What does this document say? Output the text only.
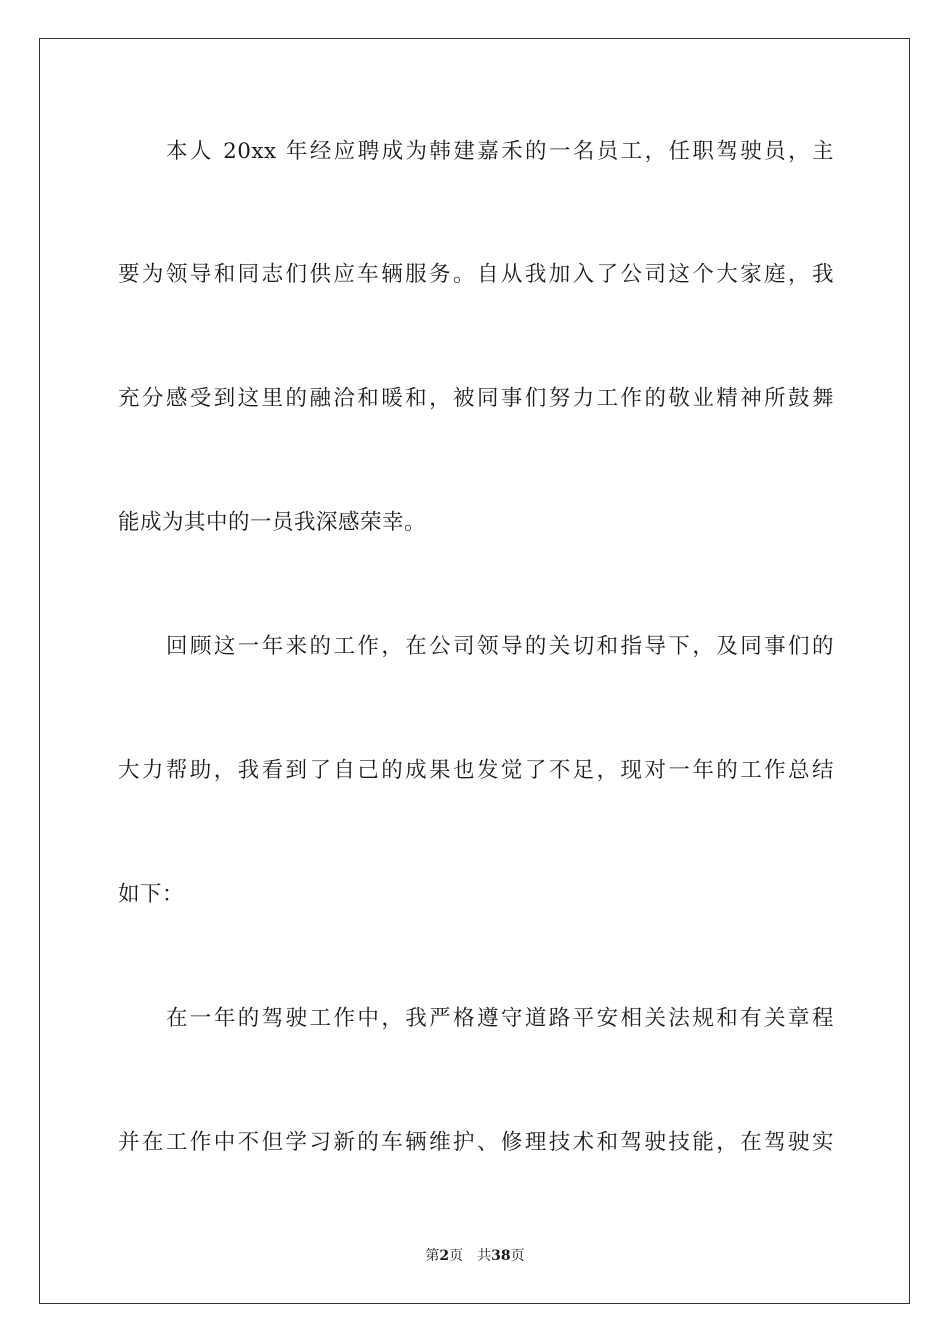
本人 20xx 年经应聘成为韩建嘉禾的一名员工，任职驾驶员，主
要为领导和同志们供应车辆服务。自从我加入了公司这个大家庭，我
充分感受到这里的融洽和暖和，被同事们努力工作的敬业精神所鼓舞
能成为其中的一员我深感荣幸。
回顾这一年来的工作，在公司领导的关切和指导下，及同事们的
大力帮助，我看到了自己的成果也发觉了不足，现对一年的工作总结
如下：
在一年的驾驶工作中，我严格遵守道路平安相关法规和有关章程
并在工作中不但学习新的车辆维护、修理技术和驾驶技能，在驾驶实
第2页 共38页
